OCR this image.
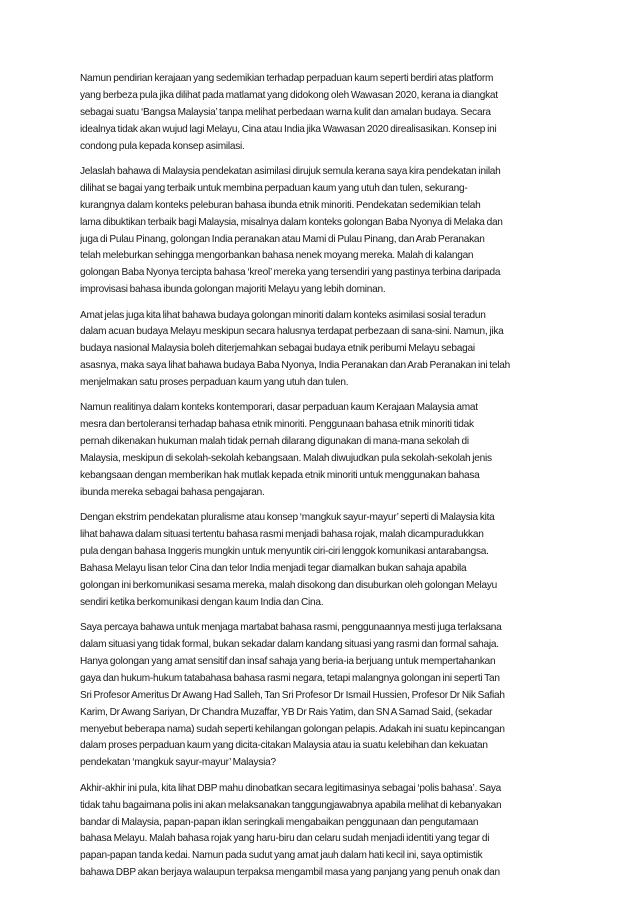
Namun pendirian kerajaan yang sedemikian terhadap perpaduan kaum seperti berdiri atas platform
yang berbeza pula jika dilihat pada matlamat yang didokong oleh Wawasan 2020, kerana ia diangkat
sebagai suatu ‘Bangsa Malaysia’ tanpa melihat perbedaan warna kulit dan amalan budaya. Secara
idealnya tidak akan wujud lagi Melayu, Cina atau India jika Wawasan 2020 direalisasikan. Konsep ini
condong pula kepada konsep asimilasi.
Jelaslah bahawa di Malaysia pendekatan asimilasi dirujuk semula kerana saya kira pendekatan inilah
dilihat se bagai yang terbaik untuk membina perpaduan kaum yang utuh dan tulen, sekurang-
kurangnya dalam konteks peleburan bahasa ibunda etnik minoriti. Pendekatan sedemikian telah
lama dibuktikan terbaik bagi Malaysia, misalnya dalam konteks golongan Baba Nyonya di Melaka dan
juga di Pulau Pinang, golongan India peranakan atau Mami di Pulau Pinang, dan Arab Peranakan
telah meleburkan sehingga mengorbankan bahasa nenek moyang mereka. Malah di kalangan
golongan Baba Nyonya tercipta bahasa ‘kreol’ mereka yang tersendiri yang pastinya terbina daripada
improvisasi bahasa ibunda golongan majoriti Melayu yang lebih dominan.
Amat jelas juga kita lihat bahawa budaya golongan minoriti dalam konteks asimilasi sosial teradun
dalam acuan budaya Melayu meskipun secara halusnya terdapat perbezaan di sana-sini. Namun, jika
budaya nasional Malaysia boleh diterjemahkan sebagai budaya etnik peribumi Melayu sebagai
asasnya, maka saya lihat bahawa budaya Baba Nyonya, India Peranakan dan Arab Peranakan ini telah
menjelmakan satu proses perpaduan kaum yang utuh dan tulen.
Namun realitinya dalam konteks kontemporari, dasar perpaduan kaum Kerajaan Malaysia amat
mesra dan bertoleransi terhadap bahasa etnik minoriti. Penggunaan bahasa etnik minoriti tidak
pernah dikenakan hukuman malah tidak pernah dilarang digunakan di mana-mana sekolah di
Malaysia, meskipun di sekolah-sekolah kebangsaan. Malah diwujudkan pula sekolah-sekolah jenis
kebangsaan dengan memberikan hak mutlak kepada etnik minoriti untuk menggunakan bahasa
ibunda mereka sebagai bahasa pengajaran.
Dengan ekstrim pendekatan pluralisme atau konsep ‘mangkuk sayur-mayur’ seperti di Malaysia kita
lihat bahawa dalam situasi tertentu bahasa rasmi menjadi bahasa rojak, malah dicampuradukkan
pula dengan bahasa Inggeris mungkin untuk menyuntik ciri-ciri lenggok komunikasi antarabangsa.
Bahasa Melayu lisan telor Cina dan telor India menjadi tegar diamalkan bukan sahaja apabila
golongan ini berkomunikasi sesama mereka, malah disokong dan disuburkan oleh golongan Melayu
sendiri ketika berkomunikasi dengan kaum India dan Cina.
Saya percaya bahawa untuk menjaga martabat bahasa rasmi, penggunaannya mesti juga terlaksana
dalam situasi yang tidak formal, bukan sekadar dalam kandang situasi yang rasmi dan formal sahaja.
Hanya golongan yang amat sensitif dan insaf sahaja yang beria-ia berjuang untuk mempertahankan
gaya dan hukum-hukum tatabahasa bahasa rasmi negara, tetapi malangnya golongan ini seperti Tan
Sri Profesor Ameritus Dr Awang Had Salleh, Tan Sri Profesor Dr Ismail Hussien, Profesor Dr Nik Safiah
Karim, Dr Awang Sariyan, Dr Chandra Muzaffar, YB Dr Rais Yatim, dan SN A Samad Said, (sekadar
menyebut beberapa nama) sudah seperti kehilangan golongan pelapis. Adakah ini suatu kepincangan
dalam proses perpaduan kaum yang dicita-citakan Malaysia atau ia suatu kelebihan dan kekuatan
pendekatan ‘mangkuk sayur-mayur’ Malaysia?
Akhir-akhir ini pula, kita lihat DBP mahu dinobatkan secara legitimasinya sebagai ‘polis bahasa’. Saya
tidak tahu bagaimana polis ini akan melaksanakan tanggungjawabnya apabila melihat di kebanyakan
bandar di Malaysia, papan-papan iklan seringkali mengabaikan penggunaan dan pengutamaan
bahasa Melayu. Malah bahasa rojak yang haru-biru dan celaru sudah menjadi identiti yang tegar di
papan-papan tanda kedai. Namun pada sudut yang amat jauh dalam hati kecil ini, saya optimistik
bahawa DBP akan berjaya walaupun terpaksa mengambil masa yang panjang yang penuh onak dan
